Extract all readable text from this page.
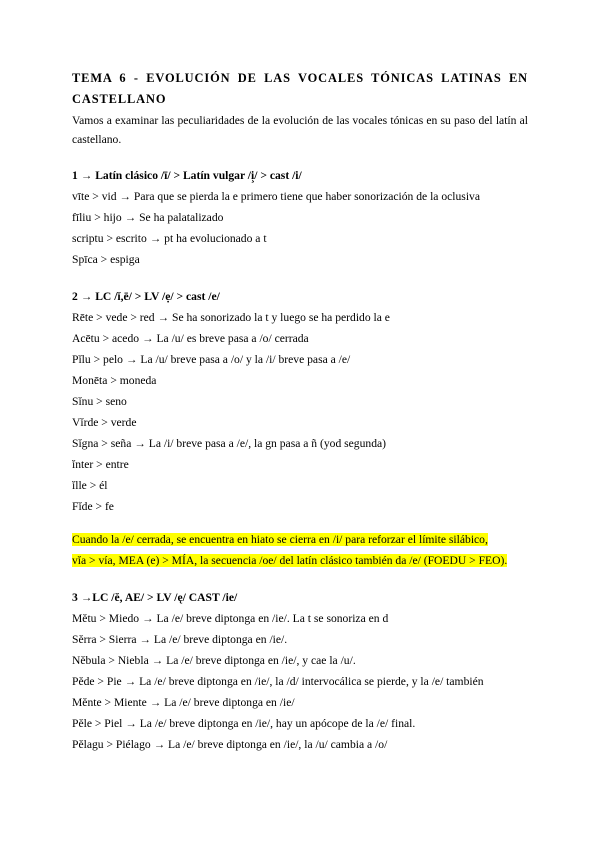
TEMA 6 - EVOLUCIÓN DE LAS VOCALES TÓNICAS LATINAS EN CASTELLANO

Vamos a examinar las peculiaridades de la evolución de las vocales tónicas en su paso del latín al castellano.

1 → Latín clásico /ī/ > Latín vulgar /i̧/ > cast /i/

vīte > vid → Para que se pierda la e primero tiene que haber sonorización de la oclusiva

fīliu > hijo → Se ha palatalizado

scriptu > escrito → pt ha evolucionado a t

Spīca > espiga

2 → LC /ĭ,ē/ > LV /ẹ/ > cast /e/

Rēte > vede > red → Se ha sonorizado la t y luego se ha perdido la e

Acētu > acedo → La /u/ es breve pasa a /o/ cerrada

Pĭlu > pelo → La /u/ breve pasa a /o/ y la /i/ breve pasa a /e/

Monēta > moneda

Sĭnu > seno

Vĭrde > verde

Sĭgna > seña → La /i/ breve pasa a /e/, la gn pasa a ñ (yod segunda)

ĭnter > entre

ĭlle > él

Fĭde > fe

Cuando la /e/ cerrada, se encuentra en hiato se cierra en /i/ para reforzar el límite silábico,

vĭa > vía, MEA (e) > MÍA, la secuencia /oe/ del latín clásico también da /e/ (FOEDU > FEO).

3 →LC /ĕ, AE/ > LV /ę/ CAST /ie/

Mĕtu > Miedo → La /e/ breve diptonga en /ie/. La t se sonoriza en d

Sĕrra > Sierra → La /e/ breve diptonga en /ie/.

Nĕbula > Niebla → La /e/ breve diptonga en /ie/, y cae la /u/.

Pĕde > Pie → La /e/ breve diptonga en /ie/, la /d/ intervocálica se pierde, y la /e/ también

Mĕnte > Miente → La /e/ breve diptonga en /ie/

Pĕle > Piel → La /e/ breve diptonga en /ie/, hay un apócope de la /e/ final.

Pĕlagu > Piélago → La /e/ breve diptonga en /ie/, la /u/ cambia a /o/
